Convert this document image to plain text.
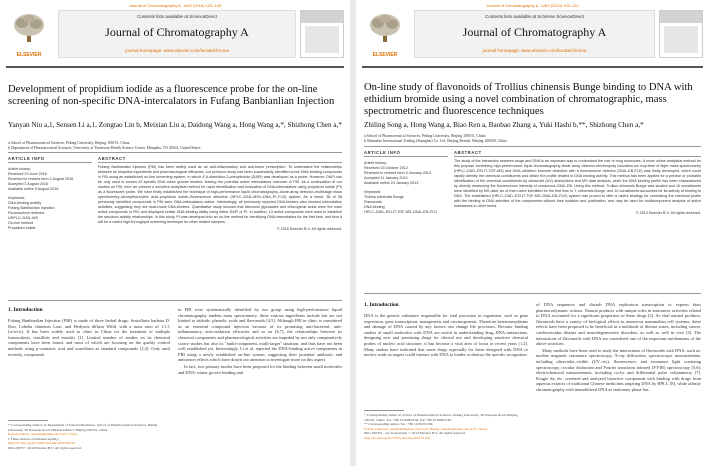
Journal of Chromatography A, 1462 (2016) 103–109
ELSEVIER
Contents lists available at ScienceDirect
Journal of Chromatography A
journal homepage: www.elsevier.com/locate/chroma
Development of propidium iodide as a fluorescence probe for the on-line screening of non-specific DNA-intercalators in Fufang Banbianlian Injection
Yanyan Niu a,1, Sensen Li a,1, Zongtao Lin b, Meixian Liu a, Daidong Wang a, Hong Wang a,*, Shizhong Chen a,*
a School of Pharmaceutical Sciences, Peking University, Beijing 100191, China
b Department of Pharmaceutical Sciences, University of Tennessee Health Science Center, Memphis, TN 38163, United States
ARTICLE INFO
Article history:
Received 29 June 2016
Received in revised form 2 August 2016
Accepted 3 August 2016
Available online 9 August 2016
Keywords:
DNA-binding activity
Fufang Banbianlian Injection
Fluorescence detector
UHPLC–DAD–MS
On-line method
Propidium iodide
ABSTRACT
Fufang Banbianlian Injection (FBI) has been widely used as an anti-inflammatory and anti-tumor prescription. To understand the relationships between its bioactive ingredients and pharmacological efficacies, our previous study has been successfully identified some DNA-binding compounds in FBI using an established on-line screening system, in which 4′,6-diamidino-2-phenylindole (DAPI) was developed as a probe. However, DAPI can be only used to screen AT-specific DNA minor groove binders, leaving the potential active intercalators unknown in FBI. As a continuation of our studies on FBI, here we present a sensitive analytical method for rapid identification and evaluation of DNA-intercalators using propidium iodide (PI) as a fluorescent probe. We have firstly established the technique of high-performance liquid chromatography–diode-array detector–multistage mass spectrometry–deoxyribonucleic acid–propidium iodide–fluorescence detection (HPLC–DAD–MSn–DNA–PI–FLD) system. As a result, 38 of 58 previously identified compounds in FBI were DNA-intercalators active. Interestingly, all previously reported DNA-binders also showed intercalative activities, suggesting they are dual-mode DNA-binders. Quantitative study showed that flavonoid glycosides and chlorogenic acids were the main active compounds in FBI, and displayed similar DNA-binding ability using either DAPI or PI. In addition, 13 active compounds were used to establish the structure-activity relationships. In this study, PI was developed into an on-line method for identifying DNA-intercalators for the first time, and thus it will be a useful high-throughput screening technique for other related samples.
© 2016 Elsevier B.V. All rights reserved.
1. Introduction
Fufang Banbianlian Injection (FBI) is made of three herbal drugs: Scutellaria barbata D. Don, Lobelia chinensis Lour. and Hedyotis diffusa Willd. with a mass ratio of 1:1:1 (w/w/w). It has been widely used in clinic in China for the treatment of multiple furunculosis, tonsillitis and mastitis [1]. Limited number of studies on its chemical components have been found, and most of which are focusing on the quality control methods using p-coumaric acid and scutellarin as standard compounds [2,3]. Only until recently, compounds
in FBI were systematically identified by our group using high-performance liquid chromatography tandem mass spectrometry, these various ingredients include but are not limited to iridoids, phenolic acids and flavonoids [4,5]. Although FBI in clinic is considered as an essential compound injection because of its promising anti-bacterial, anti-inflammatory, anti-oxidation efficacies and so on [6,7], the relationships between its chemical components and pharmacological activities are impeded by not only comparatively scarce studies but also its "multi-component, multi-target" situation, and thus have not been well established yet. Interestingly, Li et al. reported the DNA-binding active components in FBI using a newly established on-line system, suggesting their potential antibiotic and anticancer effects which have drawn our attention to investigate more on this aspect.
In fact, two primary modes have been proposed for the binding between small molecules and DNA: minor groove binding and
* Corresponding authors at: Department of Natural Medicines, School of Pharmaceutical Sciences, Peking University, 38 Xueyuan Road, Haidian District, Beijing 100191, China.
E-mail address: chenshz@bjmu.edu.cn (S. Chen).
1 These authors contributed equally.
http://dx.doi.org/10.1016/j.chroma.2016.08.013
0021-9673/© 2016 Elsevier B.V. All rights reserved.
Journal of Chromatography A, 1282 (2013) 102–112
ELSEVIER
Contents lists available at SciVerse ScienceDirect
Journal of Chromatography A
journal homepage: www.elsevier.com/locate/chroma
On-line study of flavonoids of Trollius chinensis Bunge binding to DNA with ethidium bromide using a novel combination of chromatographic, mass spectrometric and fluorescence techniques
Zhiling Song a, Hong Wang a, Biao Ren a, Baobao Zhang a, Yuki Hashi b,**, Shizhong Chen a,*
a School of Pharmaceutical Sciences, Peking University, Beijing 100191, China
b Shimadzu International Trading (Shanghai) Co. Ltd. Beijing Branch, Beijing 100020, China
ARTICLE INFO
Article history:
Received 15 October 2012
Received in revised form 9 January 2013
Accepted 11 January 2013
Available online 24 January 2013
Keywords:
Trollius chinensis Bunge
Flavonoids
DNA binding
HPLC–DAD–ESI-IT-TOF-MS–DNA–EB–FLD
ABSTRACT
The study of the interaction between drugs and DNA is an important way to understand the role of drug molecules. A novel online analytical method for this purpose combining high-performance liquid chromatography-diode array detector-electrospray ionization-ion trap-time of flight mass spectrometry (HPLC–DAD–ESI-IT-TOF-MS) and DNA–ethidium bromide detection with a fluorescence detector (DNA–EB-FLD) was firstly developed, which could rapidly identify the chemical constituents and obtain the profile related to DNA binding activity. This method has been applied for a precise or probable identification of the chemical constituents by ultraviolet (UV) absorptions and MS data analysis, while the DNA binding profile has been characterized by directly measuring the fluorescence intensity of compound–DNA–EB. Using this method, Trollius chinensis Bunge was studied and 16 constituents were identified by MS data; six of them were identified for the first time in T. chinensis Bunge, and 10 constituents accounted for its activity of binding to DNA. The established (HPLC–DAD–ESI-IT-TOF-MS–DNA–EB–FLD) system has proved to offer a useful strategy for correlating the chemical profile with the binding to DNA activities of the components without their isolation and purification, and may be used for multicomponent analysis of active substances in other herbs.
© 2013 Elsevier B.V. All rights reserved.
1. Introduction
DNA is the genetic substance responsible for vital processes in organisms, such as gene expression, gene transcription, mutagenesis and carcinogenesis. Therefore heteromorphisms and damage of DNA caused by any factors can change life processes. Because binding studies of small molecules with DNA are useful in understanding drug–DNA interactions, designing new and promising drugs for clinical use and developing sensitive chemical probes of nucleic acid structure, it has become a vital area of focus in recent years [1,2]. Many studies have indicated that some drugs especially for those designed with DNA or nucleic acids as targets could interact with DNA to hinder or destroy the specific recognition
of DNA sequences and disturb DNA replication transcription to express their pharmacodynamic actions. Natural products with unique roles in anticancer activities related to DNA accounted for a significant proportion of these drugs [3]. As vital natural products, flavonoids have a variety of biological effects in numerous mammalian cell systems; these effects have been proposed to be beneficial in a multitude of disease states, including cancer, cardiovascular disease and neurodegenerative disorders, as well as well in vivo [4]. The interactions of flavonoids with DNA are considered one of the important mechanisms of the above activities.
Many methods have been used to study the interactions of flavonoids with DNA, such as: nuclear magnetic resonance spectroscopy, X-ray diffraction, spectroscopic measurements, including ultraviolet–visible (UV–vis), fluorescence, and resonance light scattering spectroscopy, circular dichroism and Fourier transform infrared (FT-IR) spectroscopy [5,6], electrochemical measurements, including cyclic and differential pulse voltammetry [7]. Kruger Sa, etc. screened and analyzed bioactive compounds with binding with drugs from aqueous extracts of traditional Chinese medicines targeting DNA by HPLC [8], while affinity chromatography with immobilized DNA as stationary phase has
* Corresponding author at: School of Pharmaceutical Sciences, Peking University, 38 Xueyuan Road, Beijing 100191, China. Tel.: +86 10 82802136; fax: +86 10 82802136.
** Corresponding author. Tel.: +86 10 85251330.
E-mail addresses: yuki@shimadzu.com.cn (Y. Hashi), chenshz@bjmu.edu.cn (S. Chen).
0021-9673/$ – see front matter © 2013 Elsevier B.V. All rights reserved.
http://dx.doi.org/10.1016/j.chroma.2013.01.051
